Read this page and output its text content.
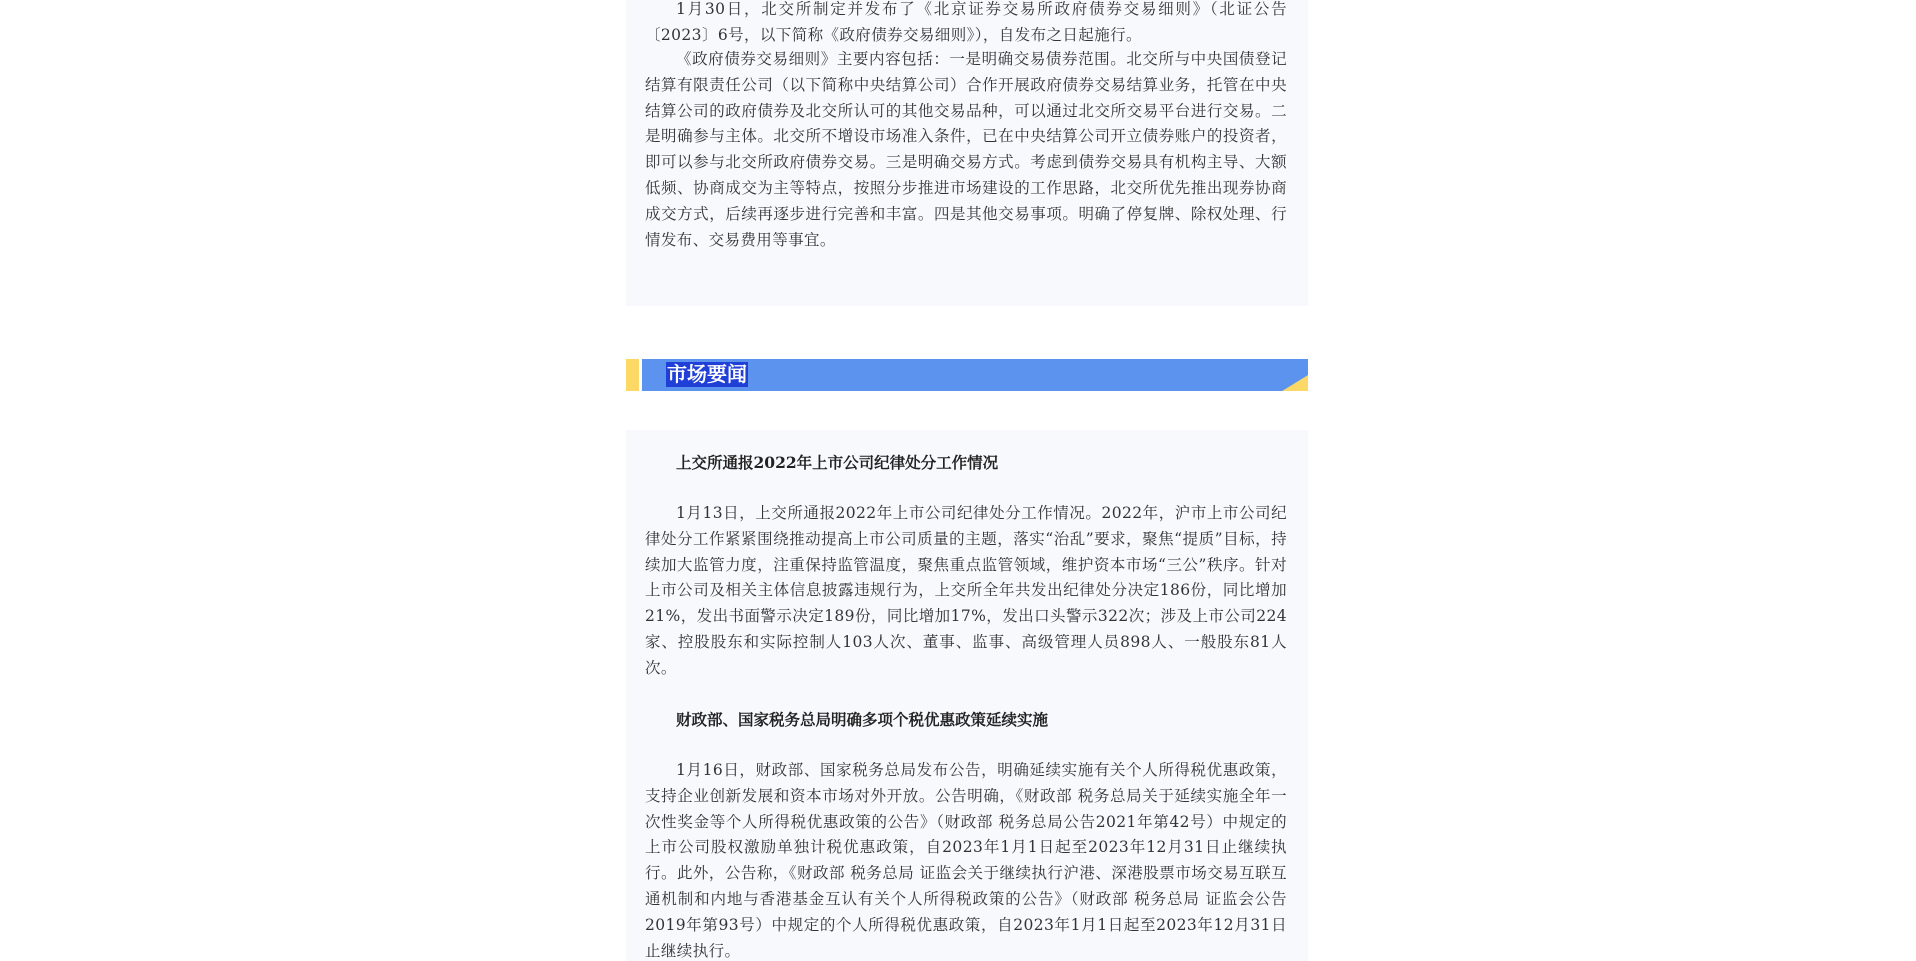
1月30日，北交所制定并发布了《北京证券交易所政府债券交易细则》（北证公告〔2023〕6号，以下简称《政府债券交易细则》），自发布之日起施行。

《政府债券交易细则》主要内容包括：一是明确交易债券范围。北交所与中央国债登记结算有限责任公司（以下简称中央结算公司）合作开展政府债券交易结算业务，托管在中央结算公司的政府债券及北交所认可的其他交易品种，可以通过北交所交易平台进行交易。二是明确参与主体。北交所不增设市场准入条件，已在中央结算公司开立债券账户的投资者，即可以参与北交所政府债券交易。三是明确交易方式。考虑到债券交易具有机构主导、大额低频、协商成交为主等特点，按照分步推进市场建设的工作思路，北交所优先推出现券协商成交方式，后续再逐步进行完善和丰富。四是其他交易事项。明确了停复牌、除权处理、行情发布、交易费用等事宜。

市场要闻
上交所通报2022年上市公司纪律处分工作情况

1月13日，上交所通报2022年上市公司纪律处分工作情况。2022年，沪市上市公司纪律处分工作紧紧围绕推动提高上市公司质量的主题，落实“治乱”要求，聚焦“提质”目标，持续加大监管力度，注重保持监管温度，聚焦重点监管领域，维护资本市场“三公”秩序。针对上市公司及相关主体信息披露违规行为，上交所全年共发出纪律处分决定186份，同比增加21%，发出书面警示决定189份，同比增加17%，发出口头警示322次；涉及上市公司224家、控股股东和实际控制人103人次、董事、监事、高级管理人员898人、一般股东81人次。

财政部、国家税务总局明确多项个税优惠政策延续实施

1月16日，财政部、国家税务总局发布公告，明确延续实施有关个人所得税优惠政策，支持企业创新发展和资本市场对外开放。公告明确，《财政部 税务总局关于延续实施全年一次性奖金等个人所得税优惠政策的公告》（财政部 税务总局公告2021年第42号）中规定的上市公司股权激励单独计税优惠政策，自2023年1月1日起至2023年12月31日止继续执行。此外，公告称，《财政部 税务总局 证监会关于继续执行沪港、深港股票市场交易互联互通机制和内地与香港基金互认有关个人所得税政策的公告》（财政部 税务总局 证监会公告2019年第93号）中规定的个人所得税优惠政策，自2023年1月1日起至2023年12月31日止继续执行。
